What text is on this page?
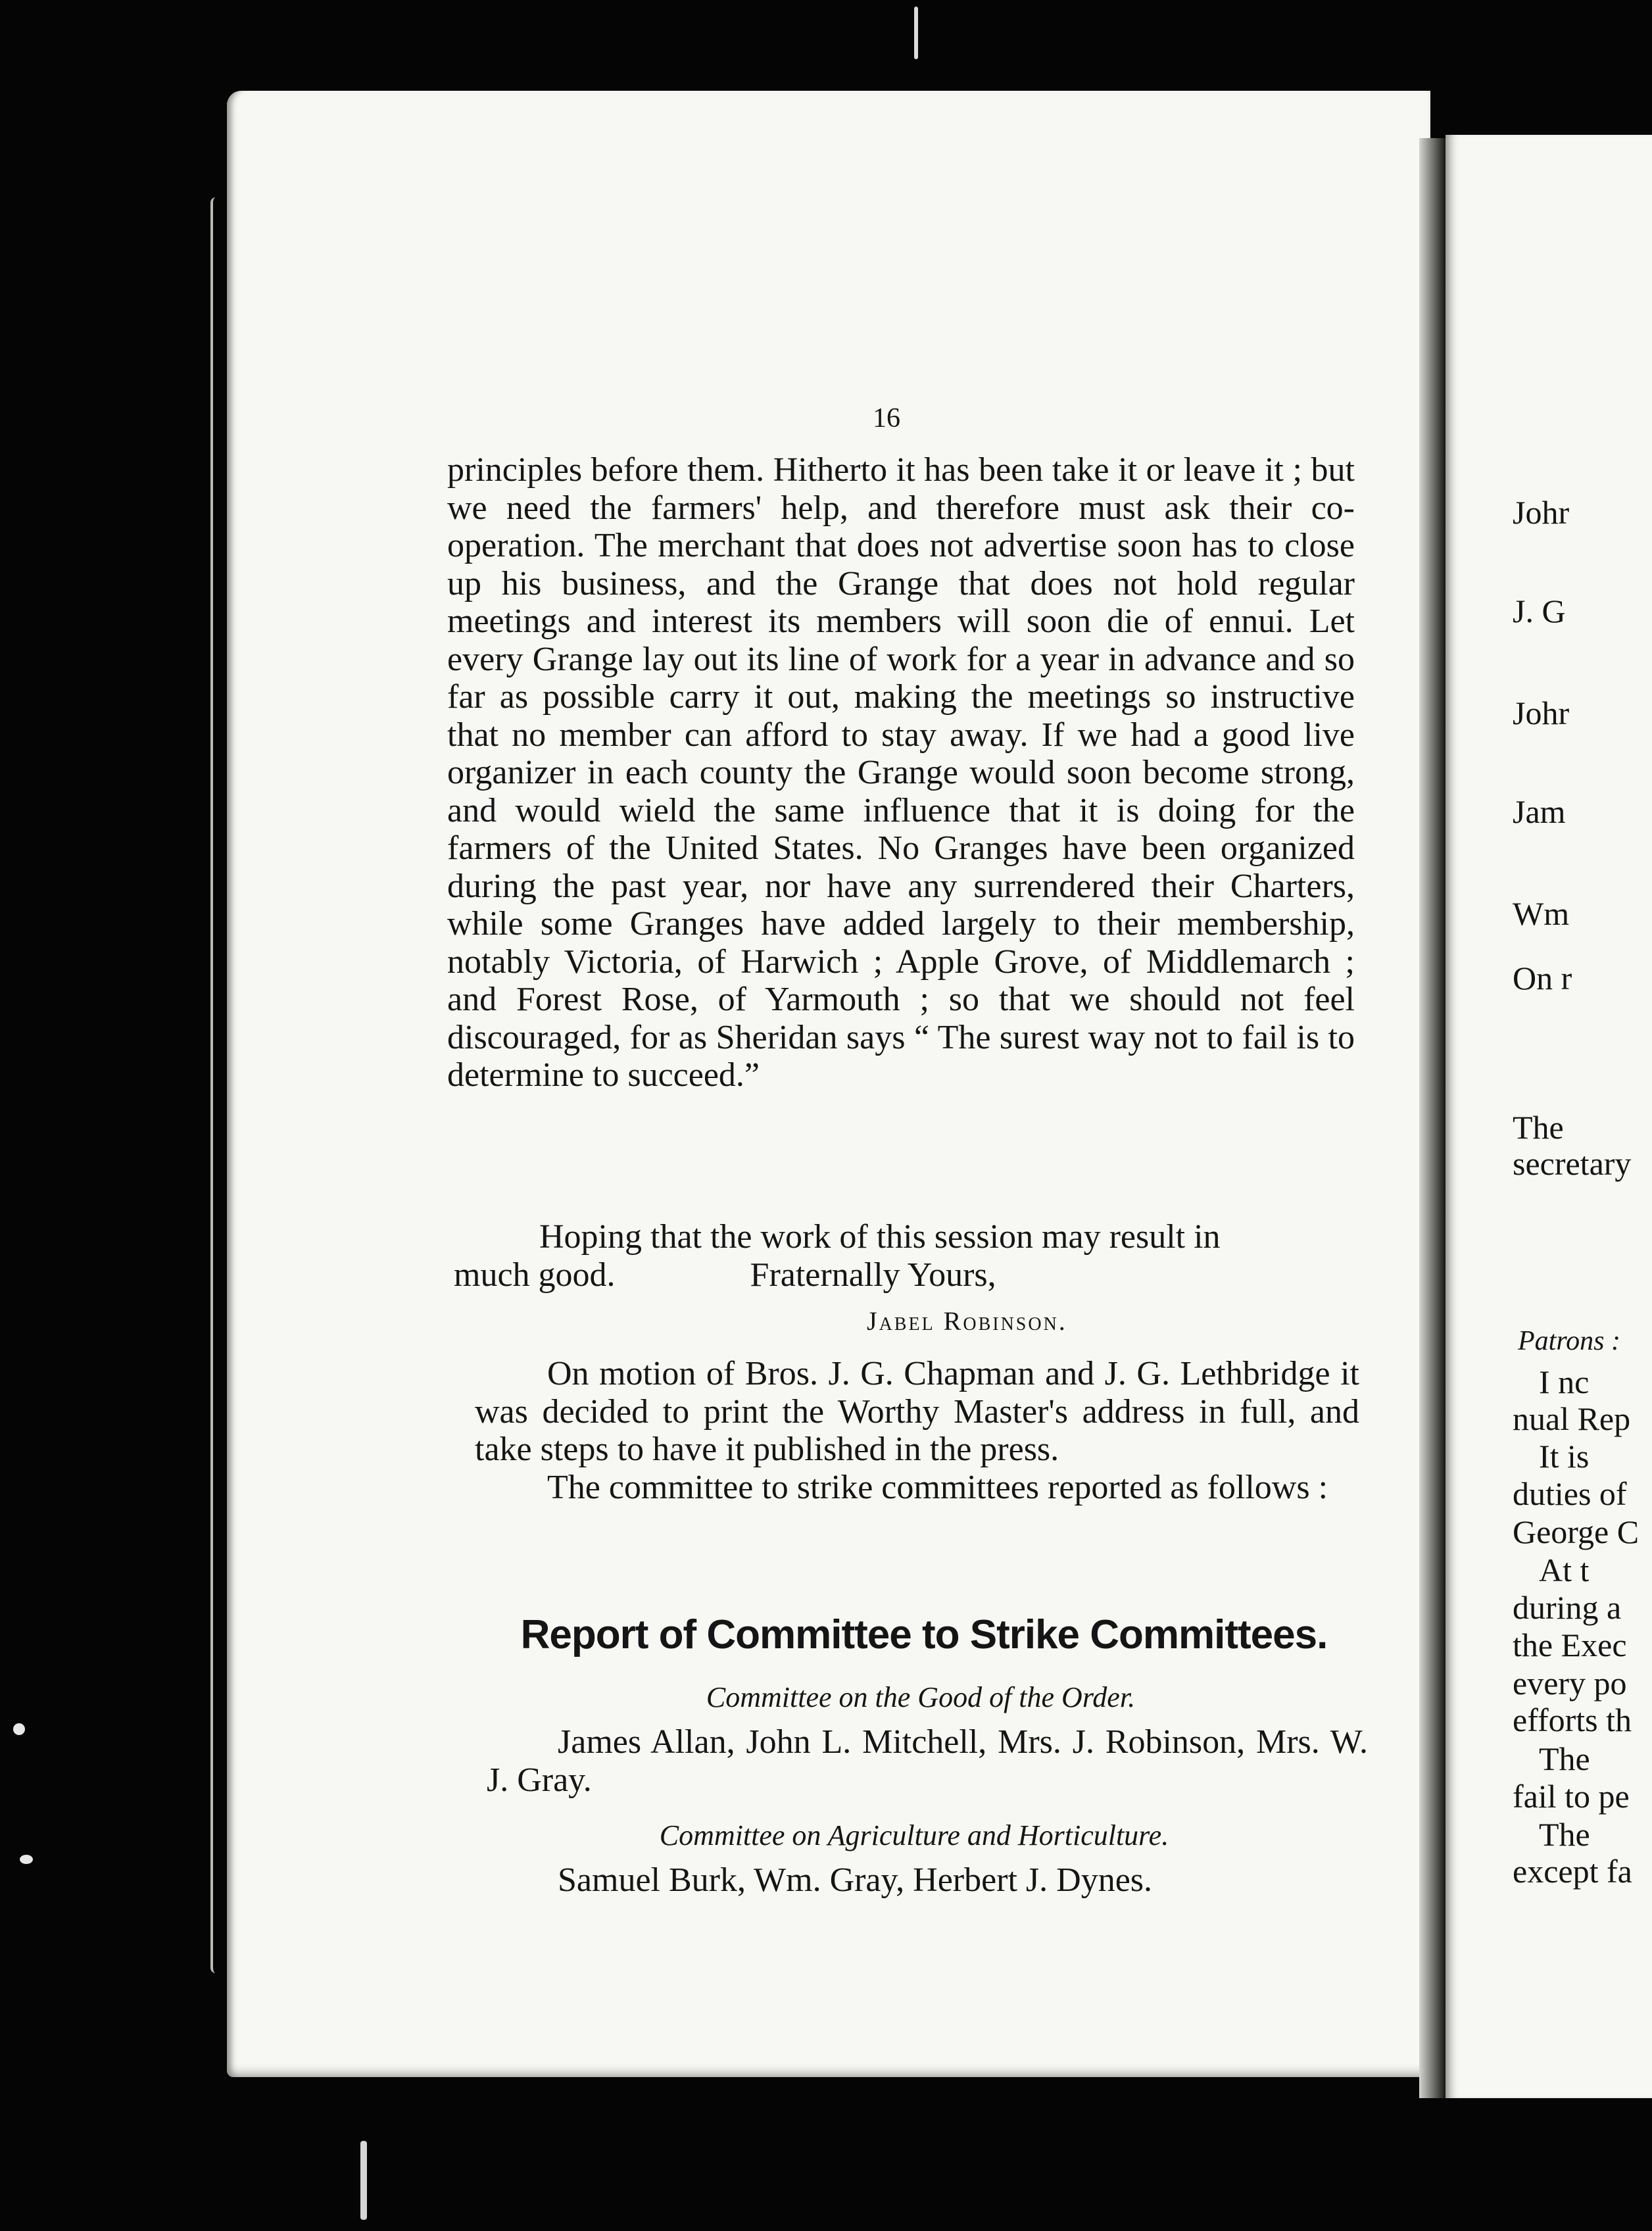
16

principles before them. Hitherto it has been take it or leave it ; but we need the farmers' help, and therefore must ask their co-operation. The merchant that does not advertise soon has to close up his business, and the Grange that does not hold regular meetings and interest its members will soon die of ennui. Let every Grange lay out its line of work for a year in advance and so far as possible carry it out, making the meetings so instructive that no member can afford to stay away. If we had a good live organizer in each county the Grange would soon become strong, and would wield the same influence that it is doing for the farmers of the United States. No Granges have been organized during the past year, nor have any surrendered their Charters, while some Granges have added largely to their membership, notably Victoria, of Harwich ; Apple Grove, of Middlemarch ; and Forest Rose, of Yarmouth ; so that we should not feel discouraged, for as Sheridan says “ The surest way not to fail is to determine to succeed.”

Hoping that the work of this session may result in
much good.	Fraternally Yours,
Jabel Robinson.

On motion of Bros. J. G. Chapman and J. G. Lethbridge it was decided to print the Worthy Master's address in full, and take steps to have it published in the press.

The committee to strike committees reported as follows :

Report of Committee to Strike Committees.
Committee on the Good of the Order.
James Allan, John L. Mitchell, Mrs. J. Robinson, Mrs. W. J. Gray.
Committee on Agriculture and Horticulture.
Samuel Burk, Wm. Gray, Herbert J. Dynes.
Johr
J. G
Johr
Jam
Wm
On r
The
secretary
Patrons :
I nc
nual Rep
It is
duties of
George C
At t
during a
the Exec
every po
efforts th
The
fail to pe
The
except fa
